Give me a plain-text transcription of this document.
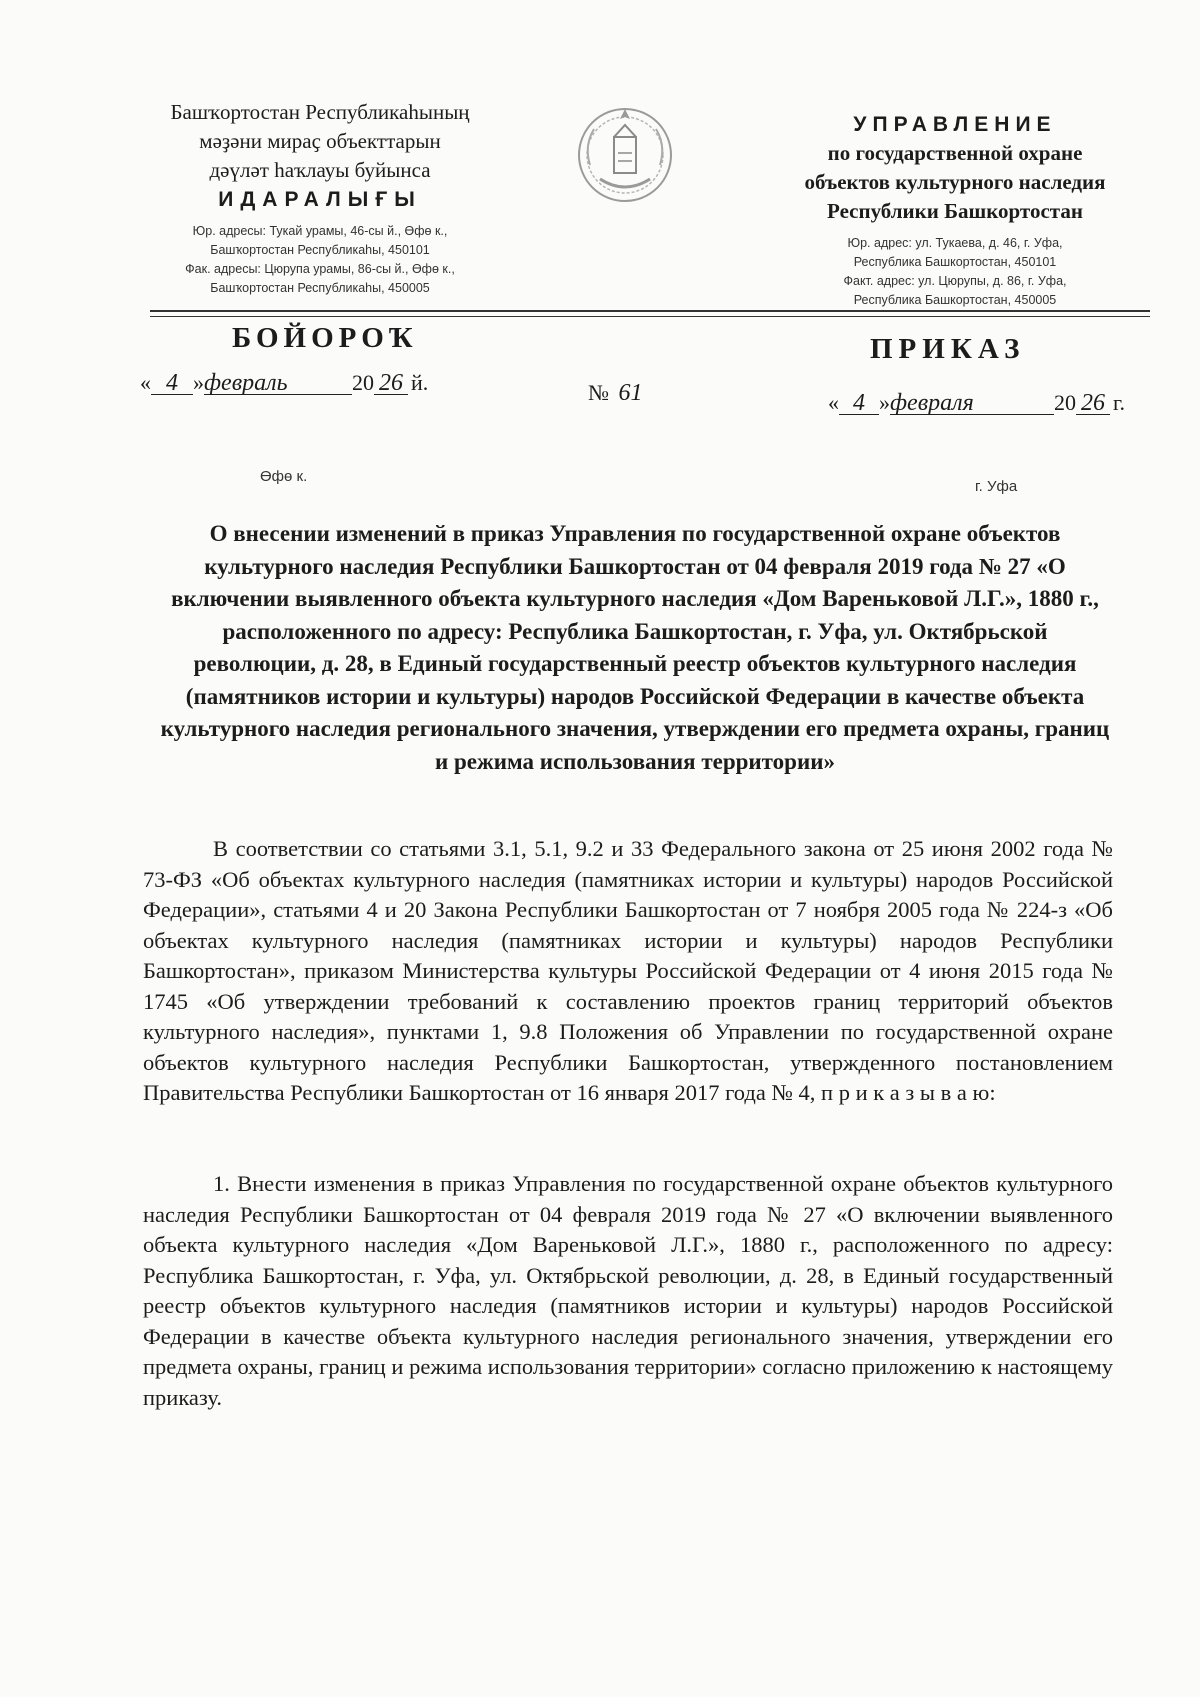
Башҡортостан Республикаһының
мәҙәни мираҫ объекттарын
дәүләт һаҡлауы буйынса
ИДАРАЛЫҒЫ
Юр. адресы: Тукай урамы, 46-сы й., Өфө к.,
Башҡортостан Республикаһы, 450101
Фак. адресы: Цюрупа урамы, 86-сы й., Өфө к.,
Башҡортостан Республикаһы, 450005
УПРАВЛЕНИЕ
по государственной охране
объектов культурного наследия
Республики Башкортостан
Юр. адрес: ул. Тукаева, д. 46, г. Уфа,
Республика Башкортостан, 450101
Факт. адрес: ул. Цюрупы, д. 86, г. Уфа,
Республика Башкортостан, 450005
БОЙОРОҠ	ПРИКАЗ
« 4 »февраль	20 26 й.	№ 61	« 4 »февраля	20 26 г.
Өфө к.
г. Уфа
О внесении изменений в приказ Управления по государственной охране объектов культурного наследия Республики Башкортостан от 04 февраля 2019 года № 27 «О включении выявленного объекта культурного наследия «Дом Вареньковой Л.Г.», 1880 г., расположенного по адресу: Республика Башкортостан, г. Уфа, ул. Октябрьской революции, д. 28, в Единый государственный реестр объектов культурного наследия (памятников истории и культуры) народов Российской Федерации в качестве объекта культурного наследия регионального значения, утверждении его предмета охраны, границ и режима использования территории»

В соответствии со статьями 3.1, 5.1, 9.2 и 33 Федерального закона от 25 июня 2002 года № 73-ФЗ «Об объектах культурного наследия (памятниках истории и культуры) народов Российской Федерации», статьями 4 и 20 Закона Республики Башкортостан от 7 ноября 2005 года № 224-з «Об объектах культурного наследия (памятниках истории и культуры) народов Республики Башкортостан», приказом Министерства культуры Российской Федерации от 4 июня 2015 года № 1745 «Об утверждении требований к составлению проектов границ территорий объектов культурного наследия», пунктами 1, 9.8 Положения об Управлении по государственной охране объектов культурного наследия Республики Башкортостан, утвержденного постановлением Правительства Республики Башкортостан от 16 января 2017 года № 4, п р и к а з ы в а ю:

1. Внести изменения в приказ Управления по государственной охране объектов культурного наследия Республики Башкортостан от 04 февраля 2019 года № 27 «О включении выявленного объекта культурного наследия «Дом Вареньковой Л.Г.», 1880 г., расположенного по адресу: Республика Башкортостан, г. Уфа, ул. Октябрьской революции, д. 28, в Единый государственный реестр объектов культурного наследия (памятников истории и культуры) народов Российской Федерации в качестве объекта культурного наследия регионального значения, утверждении его предмета охраны, границ и режима использования территории» согласно приложению к настоящему приказу.
